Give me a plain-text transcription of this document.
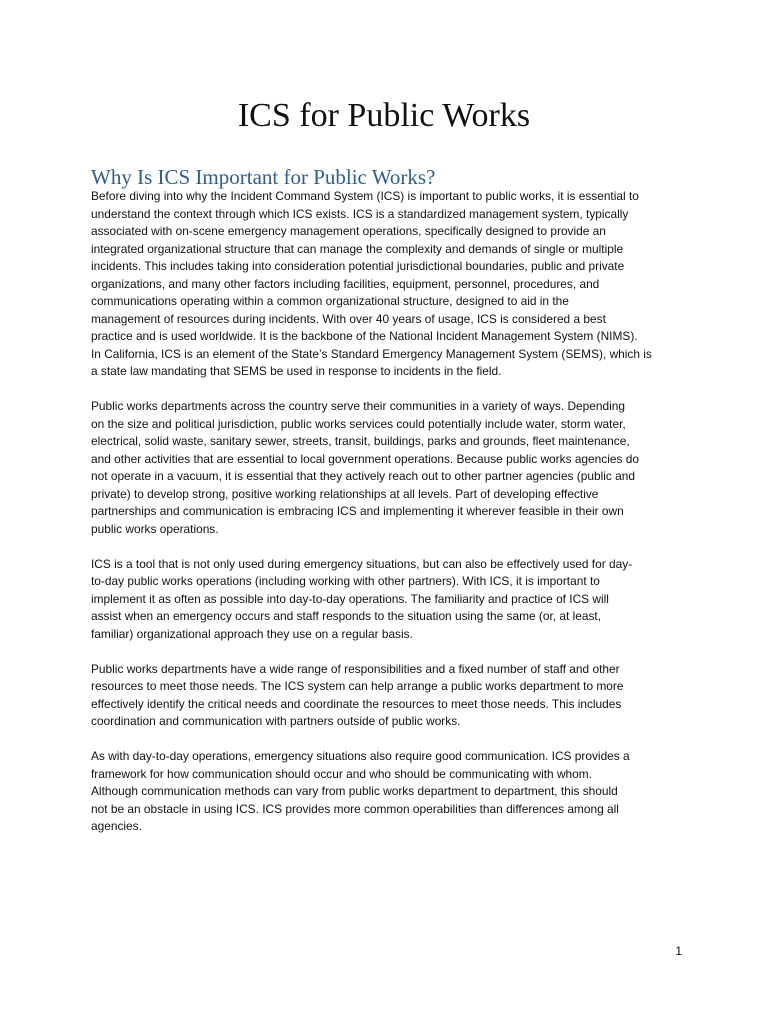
ICS for Public Works
Why Is ICS Important for Public Works?

Before diving into why the Incident Command System (ICS) is important to public works, it is essential to
understand the context through which ICS exists. ICS is a standardized management system, typically
associated with on-scene emergency management operations, specifically designed to provide an
integrated organizational structure that can manage the complexity and demands of single or multiple
incidents. This includes taking into consideration potential jurisdictional boundaries, public and private
organizations, and many other factors including facilities, equipment, personnel, procedures, and
communications operating within a common organizational structure, designed to aid in the
management of resources during incidents. With over 40 years of usage, ICS is considered a best
practice and is used worldwide. It is the backbone of the National Incident Management System (NIMS).
In California, ICS is an element of the State’s Standard Emergency Management System (SEMS), which is
a state law mandating that SEMS be used in response to incidents in the field.

Public works departments across the country serve their communities in a variety of ways. Depending
on the size and political jurisdiction, public works services could potentially include water, storm water,
electrical, solid waste, sanitary sewer, streets, transit, buildings, parks and grounds, fleet maintenance,
and other activities that are essential to local government operations. Because public works agencies do
not operate in a vacuum, it is essential that they actively reach out to other partner agencies (public and
private) to develop strong, positive working relationships at all levels. Part of developing effective
partnerships and communication is embracing ICS and implementing it wherever feasible in their own
public works operations.

ICS is a tool that is not only used during emergency situations, but can also be effectively used for day-
to-day public works operations (including working with other partners). With ICS, it is important to
implement it as often as possible into day-to-day operations. The familiarity and practice of ICS will
assist when an emergency occurs and staff responds to the situation using the same (or, at least,
familiar) organizational approach they use on a regular basis.

Public works departments have a wide range of responsibilities and a fixed number of staff and other
resources to meet those needs. The ICS system can help arrange a public works department to more
effectively identify the critical needs and coordinate the resources to meet those needs. This includes
coordination and communication with partners outside of public works.

As with day-to-day operations, emergency situations also require good communication. ICS provides a
framework for how communication should occur and who should be communicating with whom.
Although communication methods can vary from public works department to department, this should
not be an obstacle in using ICS. ICS provides more common operabilities than differences among all
agencies.

1
